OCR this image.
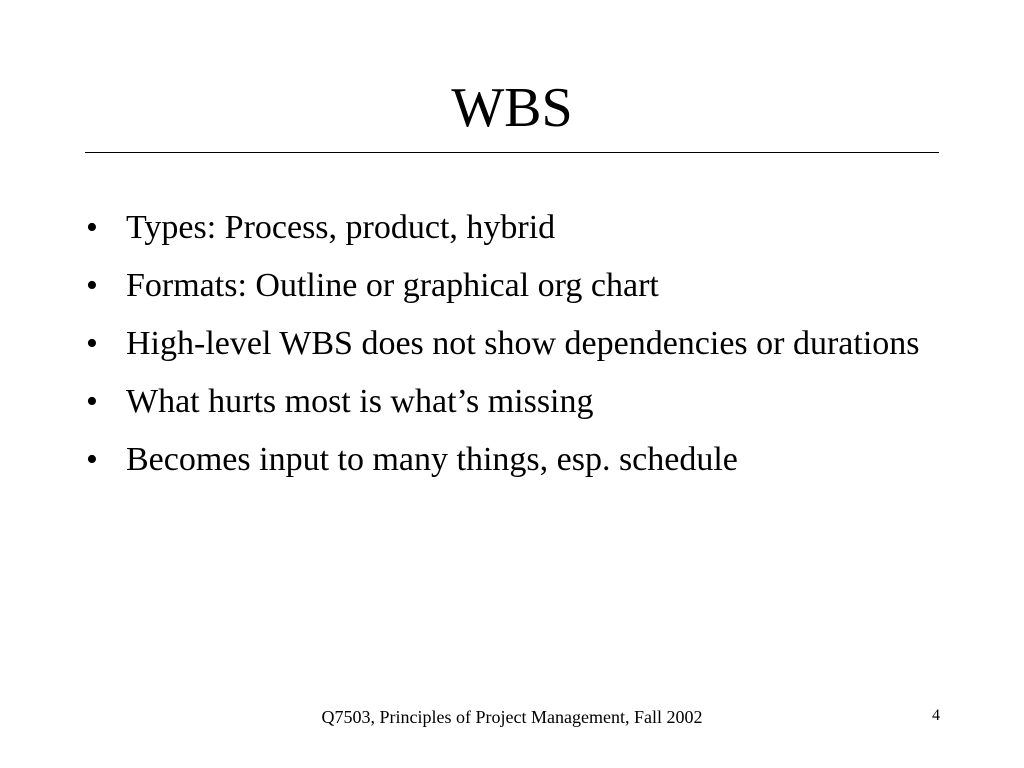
WBS
• Types: Process, product, hybrid
• Formats: Outline or graphical org chart
• High-level WBS does not show dependencies or durations
• What hurts most is what’s missing
• Becomes input to many things, esp. schedule
Q7503, Principles of Project Management, Fall 2002	4
